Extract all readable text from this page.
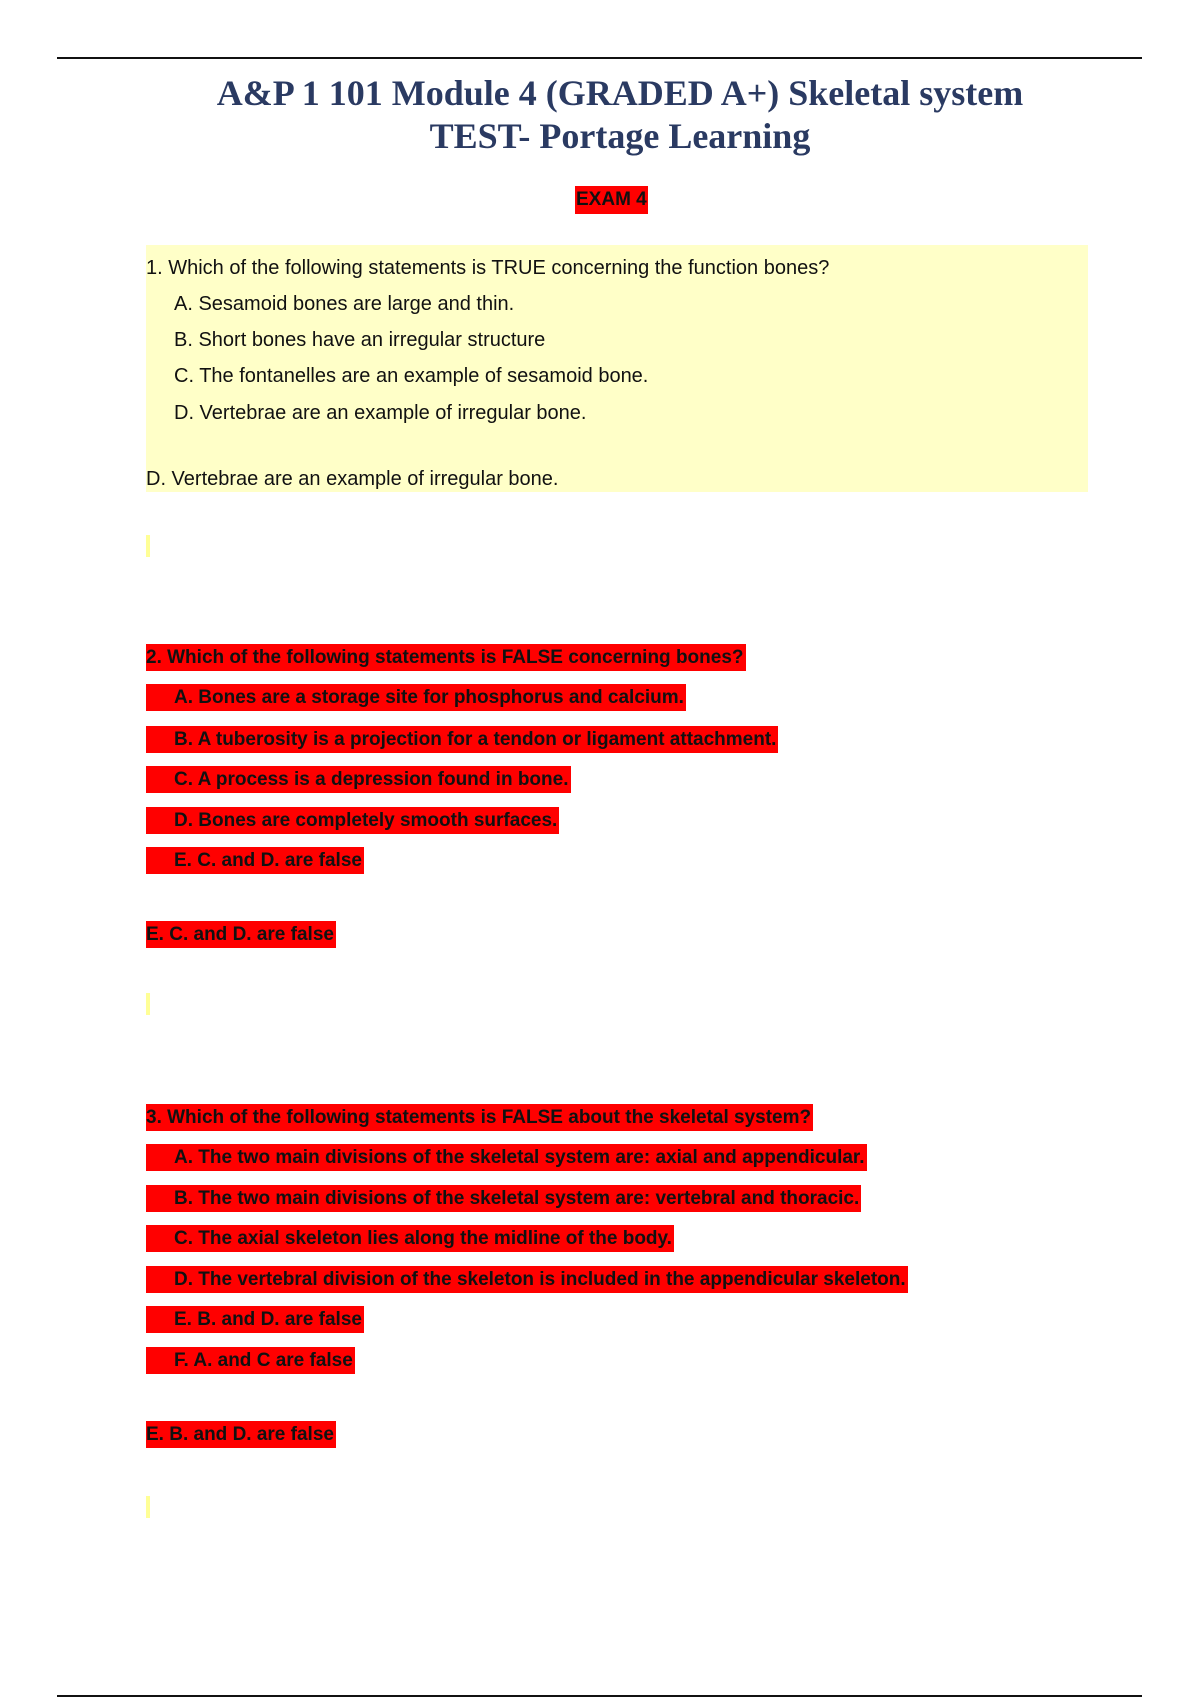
A&P 1 101 Module 4 (GRADED A+) Skeletal system
TEST- Portage Learning
EXAM 4
1. Which of the following statements is TRUE concerning the function bones?
A. Sesamoid bones are large and thin.
B. Short bones have an irregular structure
C. The fontanelles are an example of sesamoid bone.
D. Vertebrae are an example of irregular bone.
D. Vertebrae are an example of irregular bone.
2. Which of the following statements is FALSE concerning bones?
A. Bones are a storage site for phosphorus and calcium.
B. A tuberosity is a projection for a tendon or ligament attachment.
C. A process is a depression found in bone.
D. Bones are completely smooth surfaces.
E. C. and D. are false
E. C. and D. are false
3. Which of the following statements is FALSE about the skeletal system?
A. The two main divisions of the skeletal system are: axial and appendicular.
B. The two main divisions of the skeletal system are: vertebral and thoracic.
C. The axial skeleton lies along the midline of the body.
D. The vertebral division of the skeleton is included in the appendicular skeleton.
E. B. and D. are false
F. A. and C are false
E. B. and D. are false
